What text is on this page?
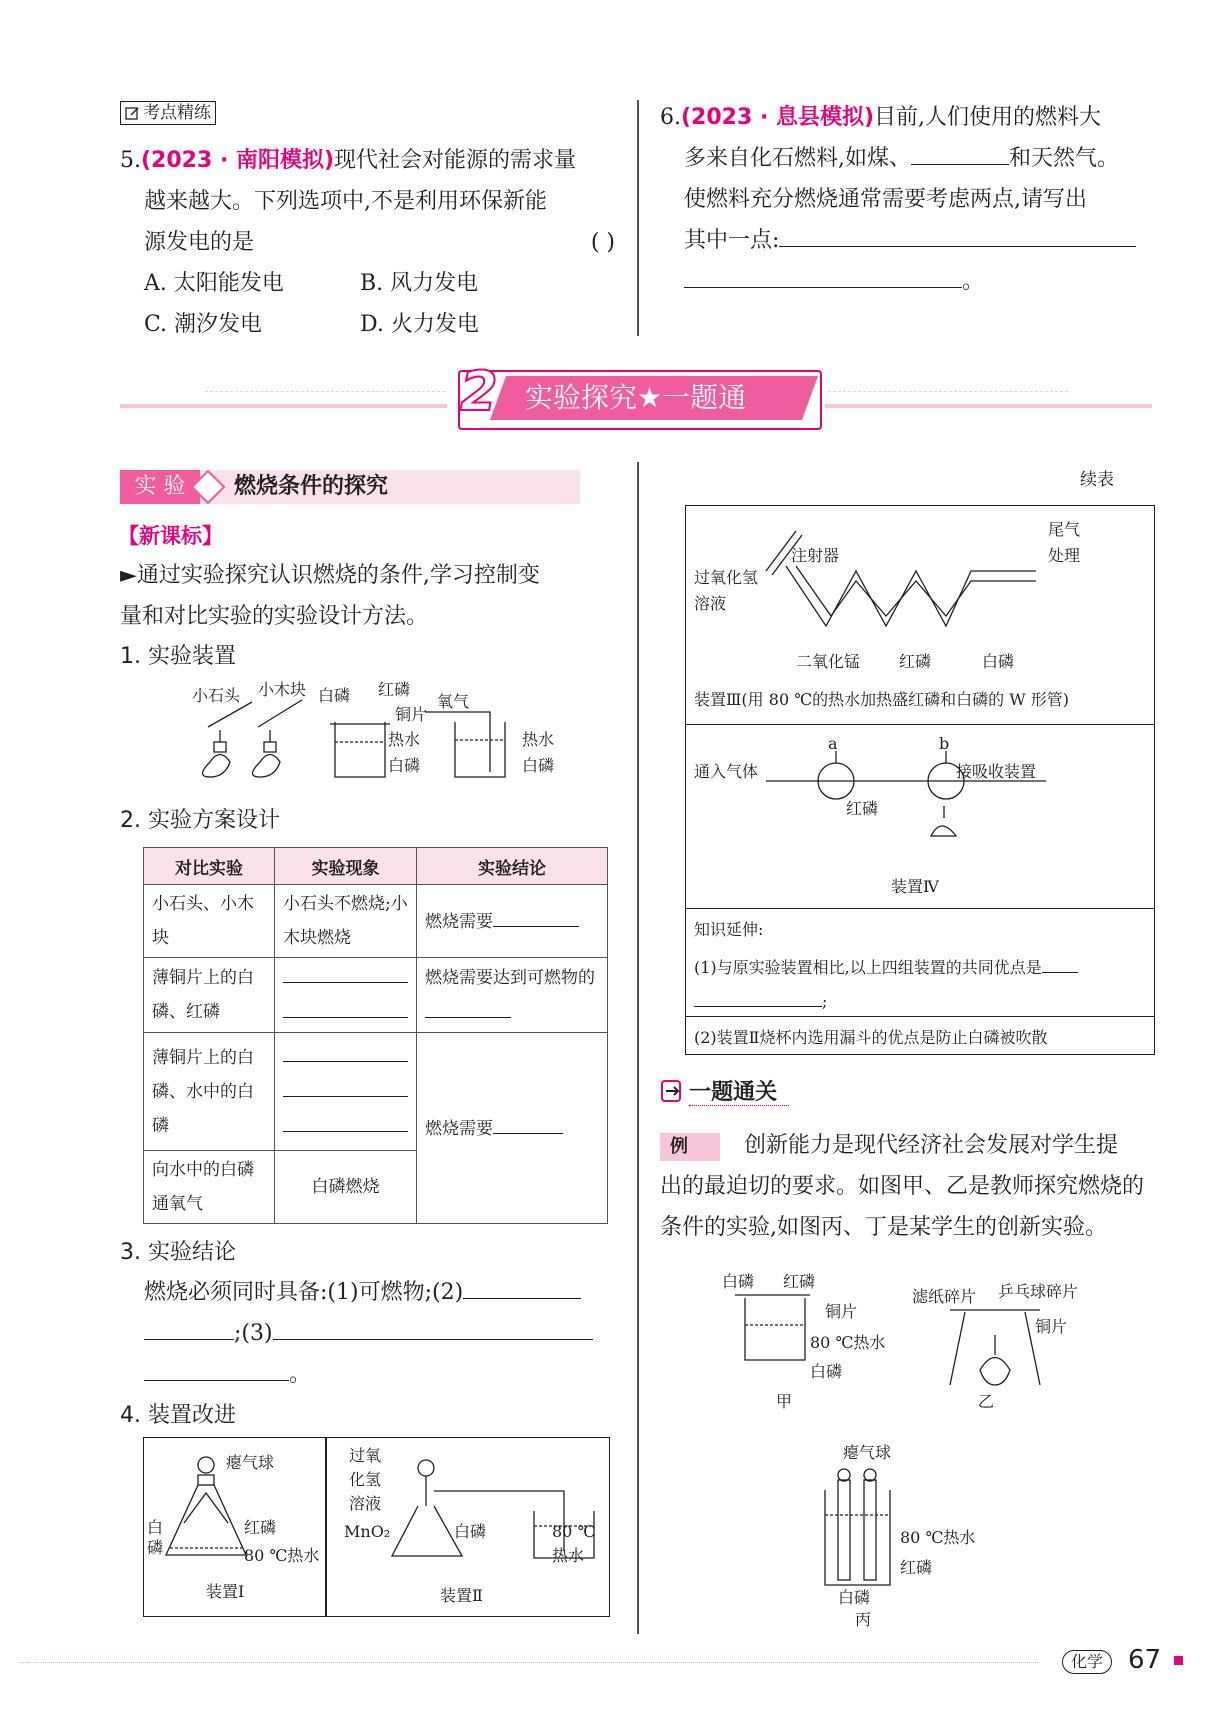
考点精练
5.(2023 · 南阳模拟)现代社会对能源的需求量
越来越大。下列选项中,不是利用环保新能
源发电的是	( )
A. 太阳能发电	B. 风力发电
C. 潮汐发电	D. 火力发电
6.(2023 · 息县模拟)目前,人们使用的燃料大
多来自化石燃料,如煤、	和天然气。
使燃料充分燃烧通常需要考虑两点,请写出
其中一点:
。
2 实验探究★一题通
实 验	燃烧条件的探究
【新课标】
►通过实验探究认识燃烧的条件,学习控制变
量和对比实验的实验设计方法。
1. 实验装置
小石头 小木块 白磷 红磷
铜片
热水
白磷
氧气
热水
白磷
2. 实验方案设计
对比实验	实验现象	实验结论
小石头、小木块	小石头不燃烧;小木块燃烧	燃烧需要
薄铜片上的白磷、红磷		燃烧需要达到可燃物的
薄铜片上的白磷、水中的白磷		燃烧需要
向水中的白磷通氧气	白磷燃烧	
3. 实验结论
燃烧必须同时具备:(1)可燃物;(2)
;(3)
。
4. 装置改进
瘪气球
白磷
红磷
80 ℃热水
装置Ⅰ
过氧
化氢
溶液
MnO₂	白磷	80 ℃
热水
装置Ⅱ
续表
注射器
过氧化氢
溶液
尾气
处理
二氧化锰 红磷	白磷
装置Ⅲ(用 80 ℃的热水加热盛红磷和白磷的 W 形管)
a	b
通入气体	接吸收装置
红磷
装置Ⅳ
知识延伸:
(1)与原实验装置相比,以上四组装置的共同优点是
;
(2)装置Ⅱ烧杯内选用漏斗的优点是防止白磷被吹散
一题通关
例	创新能力是现代经济社会发展对学生提
出的最迫切的要求。如图甲、乙是教师探究燃烧的
条件的实验,如图丙、丁是某学生的创新实验。
白磷 红磷
铜片
80 ℃热水
白磷
甲
滤纸碎片 乒乓球碎片
铜片
乙
瘪气球
80 ℃热水
红磷
白磷
丙
化学 67
